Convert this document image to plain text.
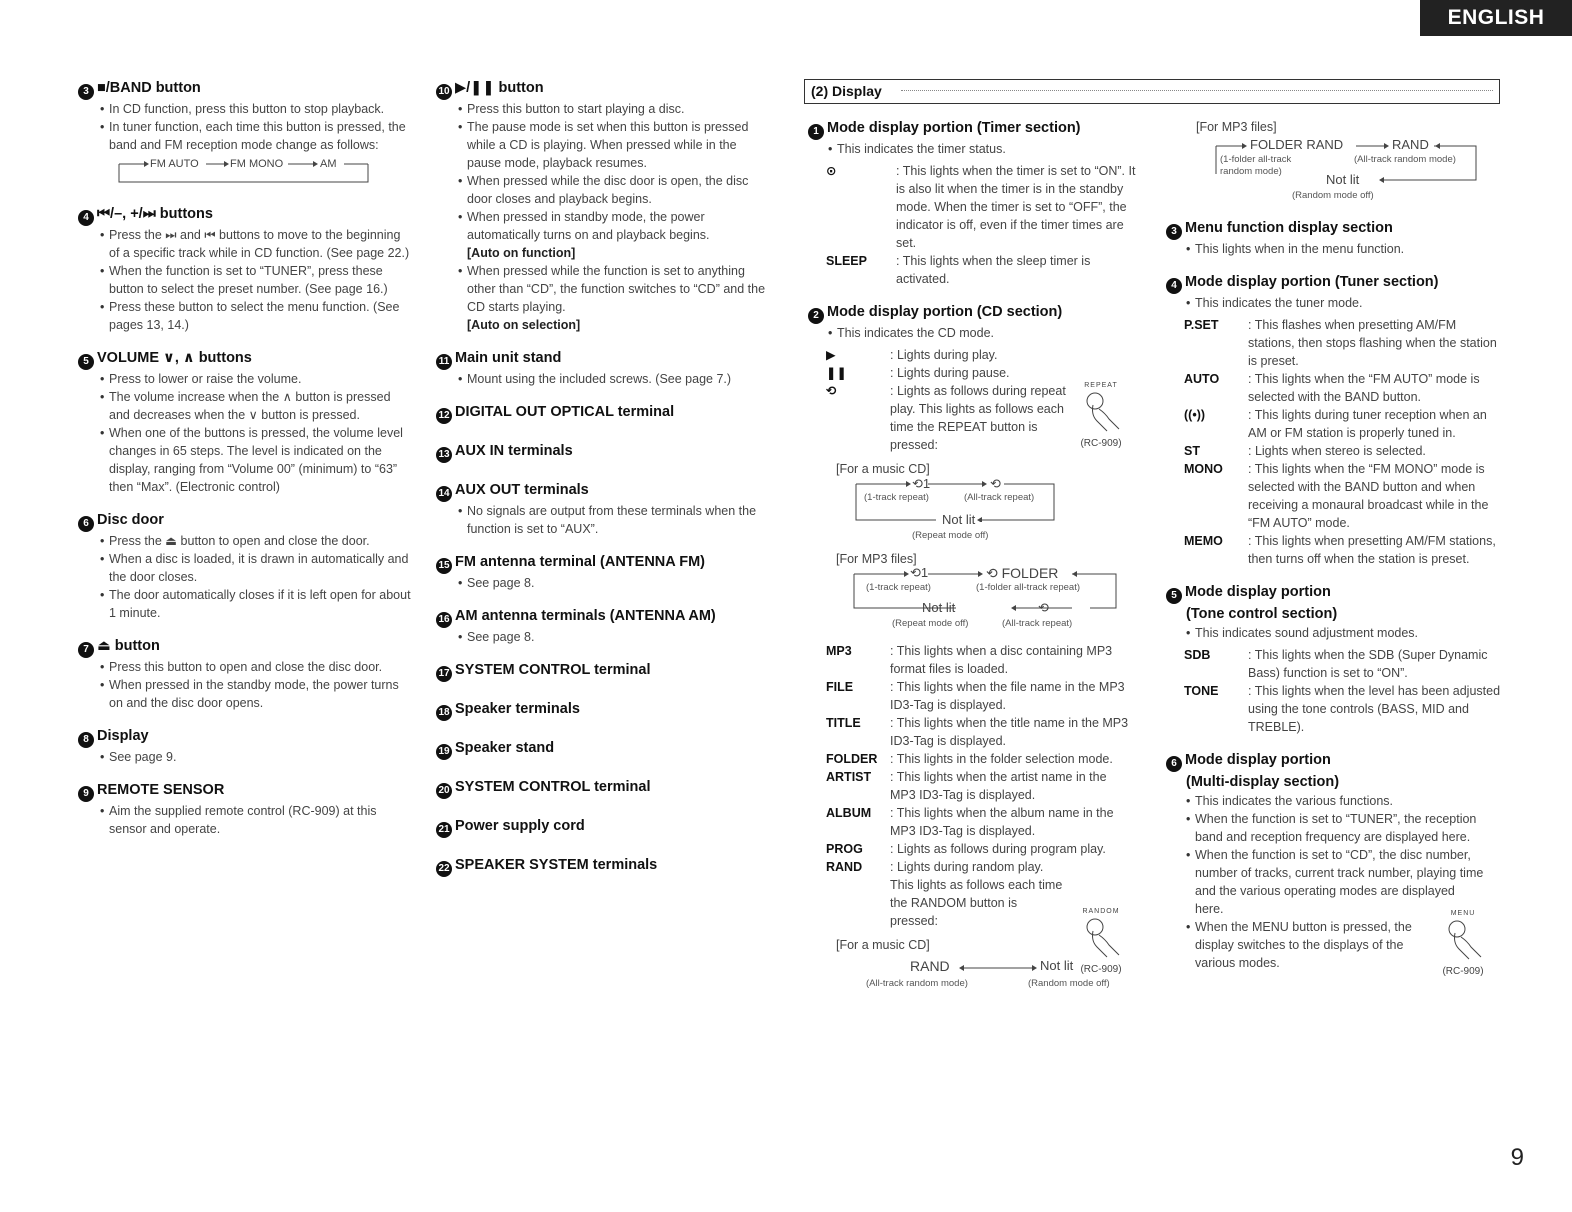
ENGLISH

3 ■/BAND button

• In CD function, press this button to stop playback.
• In tuner function, each time this button is pressed, the band and FM reception mode change as follows:
FM AUTO	FM MONO	AM

4 ⏮/–, +/⏭ buttons

• Press the ⏭ and ⏮ buttons to move to the beginning of a specific track while in CD function. (See page 22.)
• When the function is set to “TUNER”, press these button to select the preset number. (See page 16.)
• Press these button to select the menu function. (See pages 13, 14.)

5 VOLUME ∨, ∧ buttons

• Press to lower or raise the volume.
• The volume increase when the ∧ button is pressed and decreases when the ∨ button is pressed.
• When one of the buttons is pressed, the volume level changes in 65 steps. The level is indicated on the display, ranging from “Volume 00” (minimum) to “63” then “Max”. (Electronic control)

6 Disc door

• Press the ⏏ button to open and close the door.
• When a disc is loaded, it is drawn in automatically and the door closes.
• The door automatically closes if it is left open for about 1 minute.

7 ⏏ button

• Press this button to open and close the disc door.
• When pressed in the standby mode, the power turns on and the disc door opens.

8 Display

• See page 9.

9 REMOTE SENSOR

• Aim the supplied remote control (RC-909) at this sensor and operate.

10 ▶/❚❚ button

• Press this button to start playing a disc.
• The pause mode is set when this button is pressed while a CD is playing. When pressed while in the pause mode, playback resumes.
• When pressed while the disc door is open, the disc door closes and playback begins.
• When pressed in standby mode, the power automatically turns on and playback begins.
[Auto on function]
• When pressed while the function is set to anything other than “CD”, the function switches to “CD” and the CD starts playing.
[Auto on selection]

11 Main unit stand

• Mount using the included screws. (See page 7.)

12 DIGITAL OUT OPTICAL terminal

13 AUX IN terminals

14 AUX OUT terminals

• No signals are output from these terminals when the function is set to “AUX”.

15 FM antenna terminal (ANTENNA FM)

• See page 8.

16 AM antenna terminals (ANTENNA AM)

• See page 8.

17 SYSTEM CONTROL terminal

18 Speaker terminals

19 Speaker stand

20 SYSTEM CONTROL terminal

21 Power supply cord

22 SPEAKER SYSTEM terminals

(2) Display

1 Mode display portion (Timer section)

• This indicates the timer status.
⊙	: This lights when the timer is set to “ON”. It is also lit when the timer is in the standby mode. When the timer is set to “OFF”, the indicator is off, even if the timer times are set.
SLEEP	: This lights when the sleep timer is activated.

2 Mode display portion (CD section)

• This indicates the CD mode.
▶	: Lights during play.
❚❚	: Lights during pause.
⟲	: Lights as follows during repeat play. This lights as follows each time the REPEAT button is pressed:
REPEAT
(RC-909)
[For a music CD]
⟲1	⟲
(1-track repeat)	(All-track repeat)
Not lit
(Repeat mode off)
[For MP3 files]
⟲1	⟲ FOLDER
(1-track repeat)	(1-folder all-track repeat)
Not lit	⟲
(Repeat mode off)	(All-track repeat)
MP3	: This lights when a disc containing MP3 format files is loaded.
FILE	: This lights when the file name in the MP3 ID3-Tag is displayed.
TITLE	: This lights when the title name in the MP3 ID3-Tag is displayed.
FOLDER	: This lights in the folder selection mode.
ARTIST	: This lights when the artist name in the MP3 ID3-Tag is displayed.
ALBUM	: This lights when the album name in the MP3 ID3-Tag is displayed.
PROG	: Lights as follows during program play.
RAND	: Lights during random play. This lights as follows each time the RANDOM button is pressed:
RANDOM
(RC-909)
[For a music CD]
RAND	Not lit
(All-track random mode)	(Random mode off)
[For MP3 files]
FOLDER RAND	RAND
(1-folder all-track random mode)
(All-track random mode)
Not lit
(Random mode off)

3 Menu function display section

• This lights when in the menu function.

4 Mode display portion (Tuner section)

• This indicates the tuner mode.
P.SET	: This flashes when presetting AM/FM stations, then stops flashing when the station is preset.
AUTO	: This lights when the “FM AUTO” mode is selected with the BAND button.
((•))	: This lights during tuner reception when an AM or FM station is properly tuned in.
ST	: Lights when stereo is selected.
MONO	: This lights when the “FM MONO” mode is selected with the BAND button and when receiving a monaural broadcast while in the “FM AUTO” mode.
MEMO	: This lights when presetting AM/FM stations, then turns off when the station is preset.

5 Mode display portion

(Tone control section)

• This indicates sound adjustment modes.
SDB	: This lights when the SDB (Super Dynamic Bass) function is set to “ON”.
TONE	: This lights when the level has been adjusted using the tone controls (BASS, MID and TREBLE).

6 Mode display portion

(Multi-display section)

• This indicates the various functions.
• When the function is set to “TUNER”, the reception band and reception frequency are displayed here.
• When the function is set to “CD”, the disc number, number of tracks, current track number, playing time and the various operating modes are displayed here.
• When the MENU button is pressed, the display switches to the displays of the various modes.
MENU
(RC-909)
9
